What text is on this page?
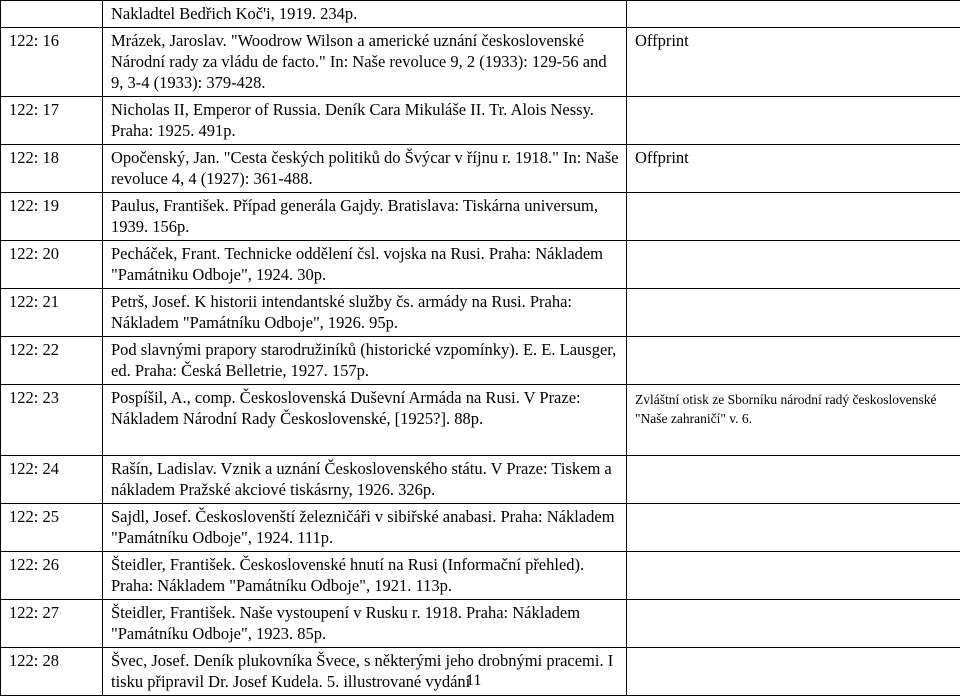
	Nakladtel Bedřich Koč'i, 1919. 234p.	
122: 16	Mrázek, Jaroslav. "Woodrow Wilson a americké uznání československé Národní rady za vládu de facto." In: Naše revoluce 9, 2 (1933): 129-56 and 9, 3-4 (1933): 379-428.	Offprint
122: 17	Nicholas II, Emperor of Russia. Deník Cara Mikuláše II. Tr. Alois Nessy. Praha: 1925. 491p.	
122: 18	Opočenský, Jan. "Cesta českých politiků do Švýcar v říjnu r. 1918." In: Naše revoluce 4, 4 (1927): 361-488.	Offprint
122: 19	Paulus, František. Případ generála Gajdy. Bratislava: Tiskárna universum, 1939. 156p.	
122: 20	Pecháček, Frant. Technicke oddělení čsl. vojska na Rusi. Praha: Nákladem "Památniku Odboje", 1924. 30p.	
122: 21	Petrš, Josef. K historii intendantské služby čs. armády na Rusi. Praha: Nákladem "Památníku Odboje", 1926. 95p.	
122: 22	Pod slavnými prapory starodružiníků (historické vzpomínky). E. E. Lausger, ed. Praha: Česká Belletrie, 1927. 157p.	
122: 23	Pospíšil, A., comp. Československá Duševní Armáda na Rusi. V Praze: Nákladem Národní Rady Československé, [1925?]. 88p.	Zvláštní otisk ze Sborníku národní radý československé "Naše zahraničí" v. 6.

122: 24	Rašín, Ladislav. Vznik a uznání Československého státu. V Praze: Tiskem a nákladem Pražské akciové tiskásrny, 1926. 326p.	
122: 25	Sajdl, Josef. Českoslovenští železničáři v sibiřské anabasi. Praha: Nákladem "Památníku Odboje", 1924. 111p.	
122: 26	Šteidler, František. Československé hnutí na Rusi (Informační přehled). Praha: Nákladem "Památníku Odboje", 1921. 113p.	
122: 27	Šteidler, František. Naše vystoupení v Rusku r. 1918. Praha: Nákladem "Památníku Odboje", 1923. 85p.	
122: 28	Švec, Josef. Deník plukovníka Švece, s některými jeho drobnými pracemi. I tisku připravil Dr. Josef Kudela. 5. illustrované vydání	
11
